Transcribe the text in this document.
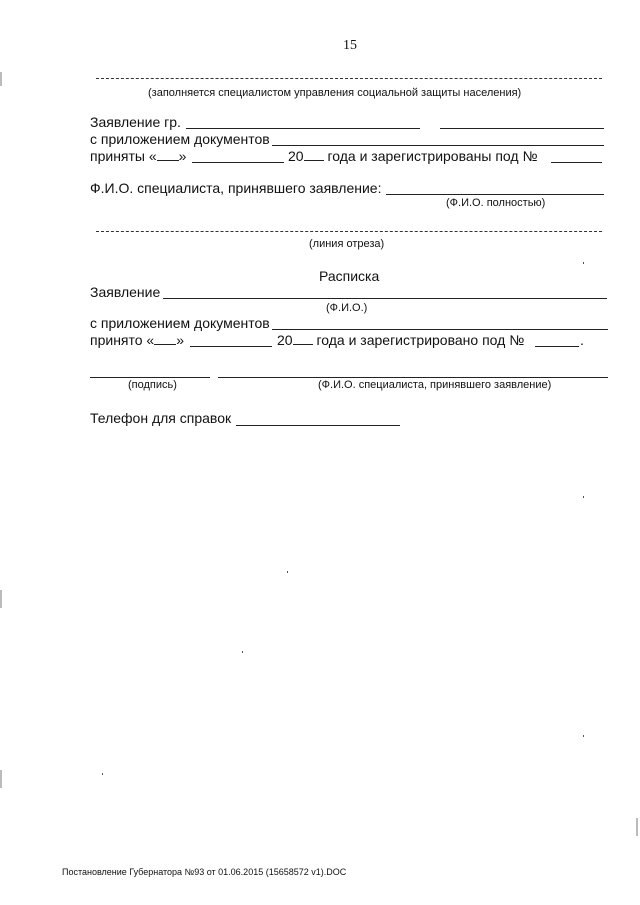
15
(заполняется специалистом управления социальной защиты населения)
Заявление гр.
с приложением документов
приняты « »	20 года и зарегистрированы под №
Ф.И.О. специалиста, принявшего заявление:
(Ф.И.О. полностью)
(линия отреза)
Расписка
Заявление
(Ф.И.О.)
с приложением документов
принято « »	20 года и зарегистрировано под №	.
(подпись)	(Ф.И.О. специалиста, принявшего заявление)
Телефон для справок
Постановление Губернатора №93 от 01.06.2015 (15658572 v1).DOC
